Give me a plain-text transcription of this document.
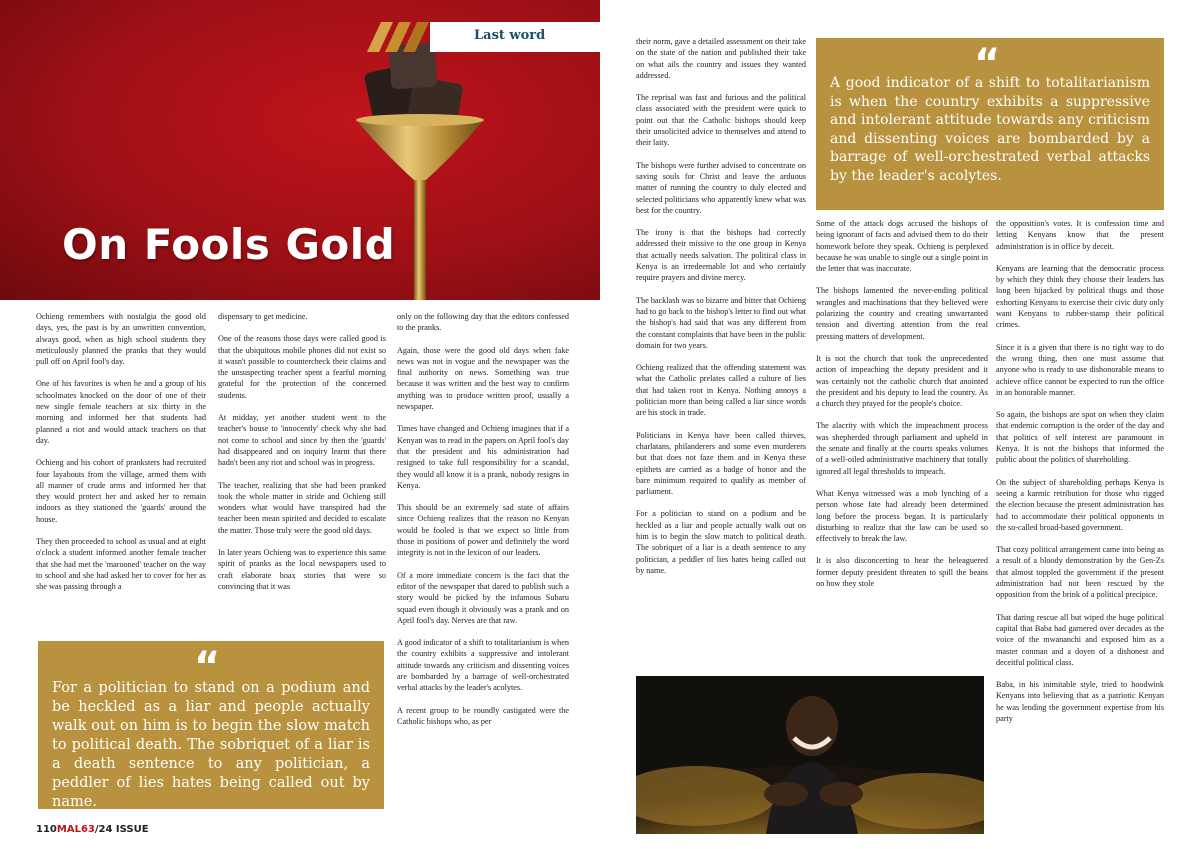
Last word
On Fools Gold

Ochieng remembers with nostalgia the good old days, yes, the past is by an unwritten convention, always good, when as high school students they meticulously planned the pranks that they would pull off on April fool's day.

One of his favorites is when he and a group of his schoolmates knocked on the door of one of their new single female teachers at six thirty in the morning and informed her that students had planned a riot and would attack teachers on that day.

Ochieng and his cohort of pranksters had recruited four layabouts from the village, armed them with all manner of crude arms and informed her that they would protect her and asked her to remain indoors as they stationed the 'guards' around the house.

They then proceeded to school as usual and at eight o'clock a student informed another female teacher that she had met the 'marooned' teacher on the way to school and she had asked her to cover for her as she was passing through a

dispensary to get medicine.

One of the reasons those days were called good is that the ubiquitous mobile phones did not exist so it wasn't possible to countercheck their claims and the unsuspecting teacher spent a fearful morning grateful for the protection of the concerned students.

At midday, yet another student went to the teacher's house to 'innocently' check why she had not come to school and since by then the 'guards' had disappeared and on inquiry learnt that there hadn't been any riot and school was in progress.

The teacher, realizing that she had been pranked took the whole matter in stride and Ochieng still wonders what would have transpired had the teacher been mean spirited and decided to escalate the matter. Those truly were the good old days.

In later years Ochieng was to experience this same spirit of pranks as the local newspapers used to craft elaborate hoax stories that were so convincing that it was

only on the following day that the editors confessed to the pranks.

Again, those were the good old days when fake news was not in vogue and the newspaper was the final authority on news. Something was true because it was written and the best way to confirm anything was to produce written proof, usually a newspaper.

Times have changed and Ochieng imagines that if a Kenyan was to read in the papers on April fool's day that the president and his administration had resigned to take full responsibility for a scandal, they would all know it is a prank, nobody resigns in Kenya.

This should be an extremely sad state of affairs since Ochieng realizes that the reason no Kenyan would be fooled is that we expect so little from those in positions of power and definitely the word integrity is not in the lexicon of our leaders.

Of a more immediate concern is the fact that the editor of the newspaper that dared to publish such a story would be picked by the infamous Subaru squad even though it obviously was a prank and on April fool's day. Nerves are that raw.

A good indicator of a shift to totalitarianism is when the country exhibits a suppressive and intolerant attitude towards any criticism and dissenting voices are bombarded by a barrage of well-orchestrated verbal attacks by the leader's acolytes.

A recent group to be roundly castigated were the Catholic bishops who, as per

“
For a politician to stand on a podium and be heckled as a liar and people actually walk out on him is to begin the slow match to political death. The sobriquet of a liar is a death sentence to any politician, a peddler of lies hates being called out by name.
110MAL63/24 ISSUE

their norm, gave a detailed assessment on their take on the state of the nation and published their take on what ails the country and issues they wanted addressed.

The reprisal was fast and furious and the political class associated with the president were quick to point out that the Catholic bishops should keep their unsolicited advice to themselves and attend to their laity.

The bishops were further advised to concentrate on saving souls for Christ and leave the arduous matter of running the country to duly elected and selected politicians who apparently knew what was best for the country.

The irony is that the bishops had correctly addressed their missive to the one group in Kenya that actually needs salvation. The political class in Kenya is an irredeemable lot and who certainly require prayers and divine mercy.

The backlash was so bizarre and bitter that Ochieng had to go back to the bishop's letter to find out what the bishop's had said that was any different from the constant complaints that have been in the public domain for two years.

Ochieng realized that the offending statement was what the Catholic prelates called a culture of lies that had taken root in Kenya. Nothing annoys a politician more than being called a liar since words are his stock in trade.

Politicians in Kenya have been called thieves, charlatans, philanderers and some even murderers but that does not faze them and in Kenya these epithets are carried as a badge of honor and the bare minimum required to qualify as member of parliament.

For a politician to stand on a podium and be heckled as a liar and people actually walk out on him is to begin the slow match to political death. The sobriquet of a liar is a death sentence to any politician, a peddler of lies hates being called out by name.

“
A good indicator of a shift to totalitarianism is when the country exhibits a suppressive and intolerant attitude towards any criticism and dissenting voices are bombarded by a barrage of well-orchestrated verbal attacks by the leader's acolytes.

Some of the attack dogs accused the bishops of being ignorant of facts and advised them to do their homework before they speak. Ochieng is perplexed because he was unable to single out a single point in the letter that was inaccurate.

The bishops lamented the never-ending political wrangles and machinations that they believed were polarizing the country and creating unwarranted tension and diverting attention from the real pressing matters of development.

It is not the church that took the unprecedented action of impeaching the deputy president and it was certainly not the catholic church that anointed the president and his deputy to lead the country. As a church they prayed for the people's choice.

The alacrity with which the impeachment process was shepherded through parliament and upheld in the senate and finally at the courts speaks volumes of a well-oiled administrative machinery that totally ignored all legal thresholds to impeach.

What Kenya witnessed was a mob lynching of a person whose fate had already been determined long before the process began. It is particularly disturbing to realize that the law can be used so effectively to break the law.

It is also disconcerting to hear the beleaguered former deputy president threaten to spill the beans on how they stole

the opposition's votes. It is confession time and letting Kenyans know that the present administration is in office by deceit.

Kenyans are learning that the democratic process by which they think they choose their leaders has long been hijacked by political thugs and those exhorting Kenyans to exercise their civic duty only want Kenyans to rubber-stamp their political crimes.

Since it is a given that there is no right way to do the wrong thing, then one must assume that anyone who is ready to use dishonorable means to achieve office cannot be expected to run the office in an honorable manner.

So again, the bishops are spot on when they claim that endemic corruption is the order of the day and that politics of self interest are paramount in Kenya. It is not the bishops that informed the public about the politics of shareholding.

On the subject of shareholding perhaps Kenya is seeing a karmic retribution for those who rigged the election because the present administration has had to accommodate their political opponents in the so-called broad-based government.

That cozy political arrangement came into being as a result of a bloody demonstration by the Gen-Zs that almost toppled the government if the present administration had not been rescued by the opposition from the brink of a political precipice.

That daring rescue all but wiped the huge political capital that Baba had garnered over decades as the voice of the mwananchi and exposed him as a master conman and a doyen of a dishonest and deceitful political class.

Baba, in his inimitable style, tried to hoodwink Kenyans into believing that as a patriotic Kenyan he was lending the government expertise from his party
